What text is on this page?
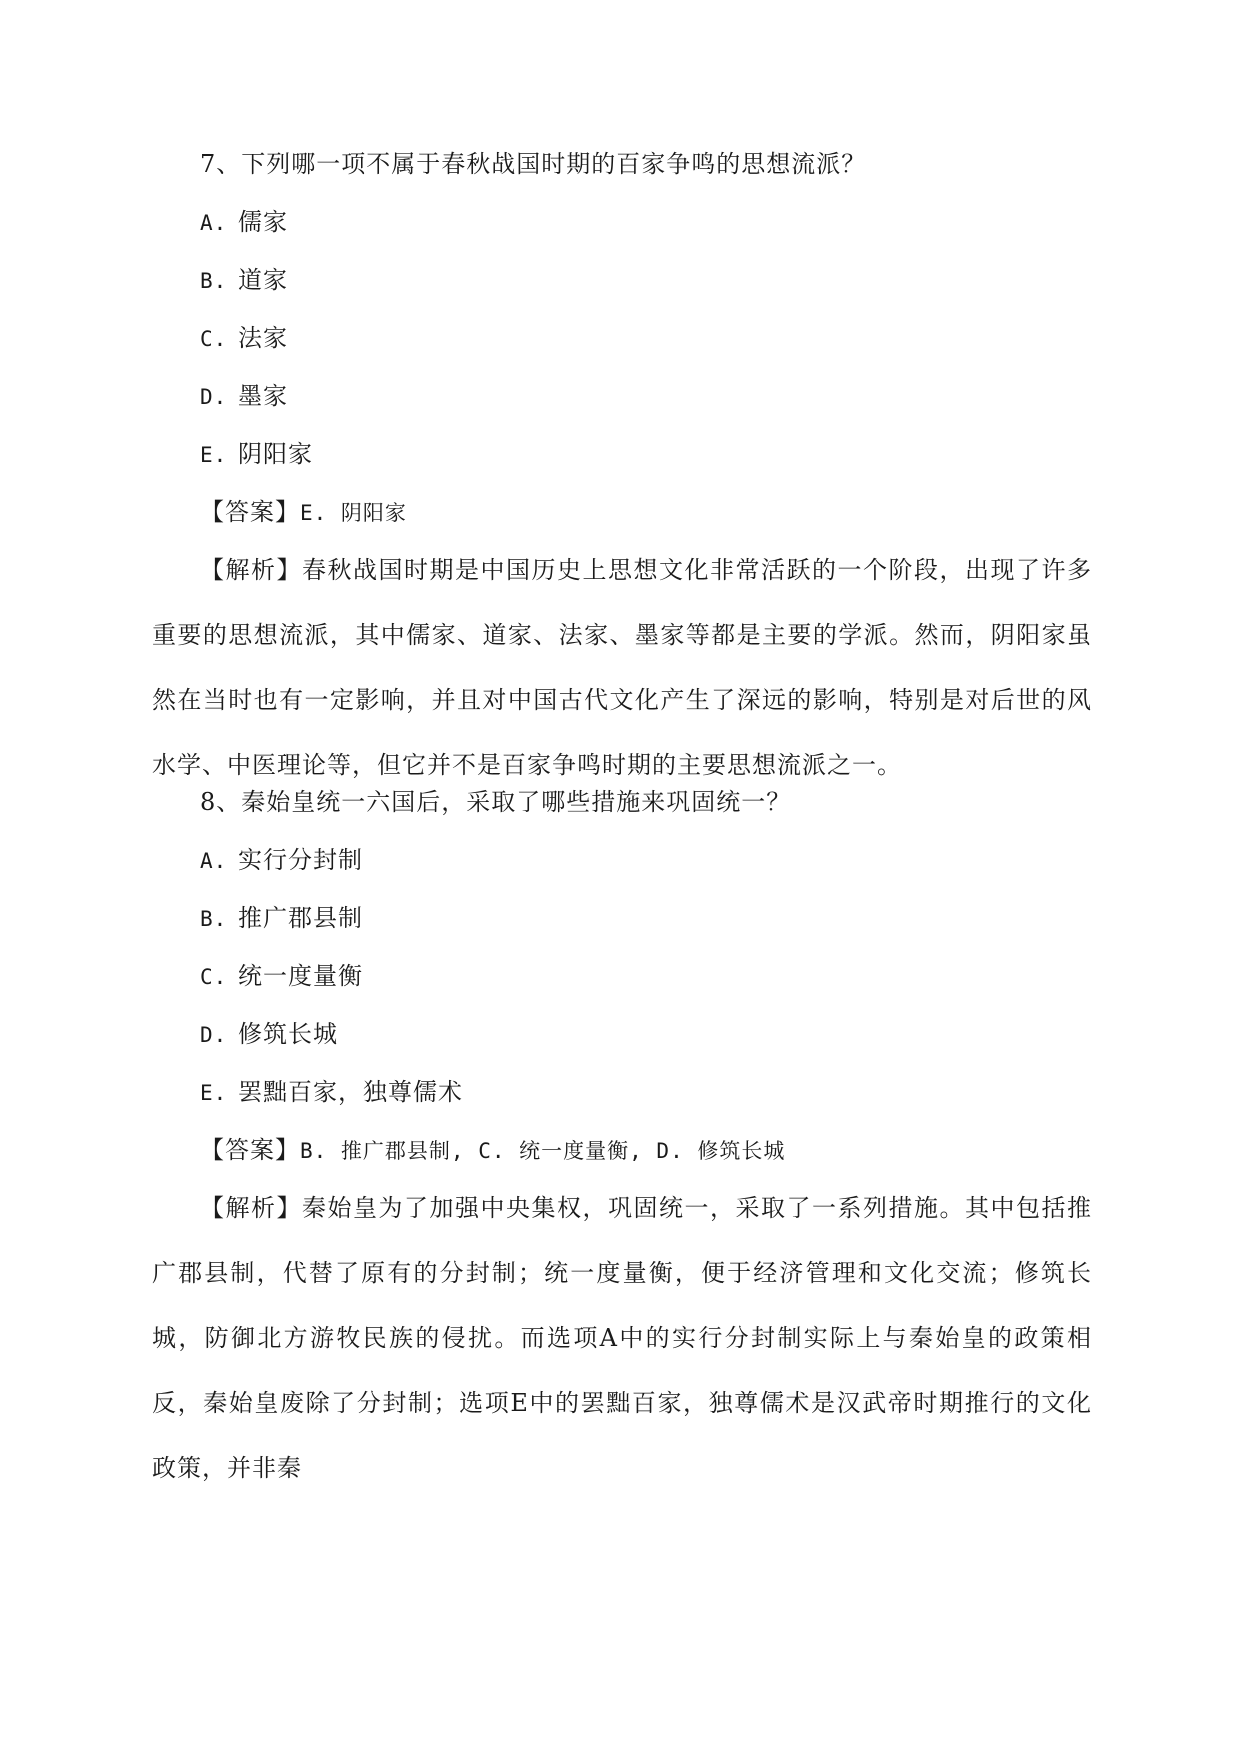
7、下列哪一项不属于春秋战国时期的百家争鸣的思想流派？
A. 儒家
B. 道家
C. 法家
D. 墨家
E. 阴阳家
【答案】E. 阴阳家
【解析】春秋战国时期是中国历史上思想文化非常活跃的一个阶段，出现了许多重要的思想流派，其中儒家、道家、法家、墨家等都是主要的学派。然而，阴阳家虽然在当时也有一定影响，并且对中国古代文化产生了深远的影响，特别是对后世的风水学、中医理论等，但它并不是百家争鸣时期的主要思想流派之一。
8、秦始皇统一六国后，采取了哪些措施来巩固统一？
A. 实行分封制
B. 推广郡县制
C. 统一度量衡
D. 修筑长城
E. 罢黜百家，独尊儒术
【答案】B. 推广郡县制, C. 统一度量衡, D. 修筑长城
【解析】秦始皇为了加强中央集权，巩固统一，采取了一系列措施。其中包括推广郡县制，代替了原有的分封制；统一度量衡，便于经济管理和文化交流；修筑长城，防御北方游牧民族的侵扰。而选项A中的实行分封制实际上与秦始皇的政策相反，秦始皇废除了分封制；选项E中的罢黜百家，独尊儒术是汉武帝时期推行的文化政策，并非秦
